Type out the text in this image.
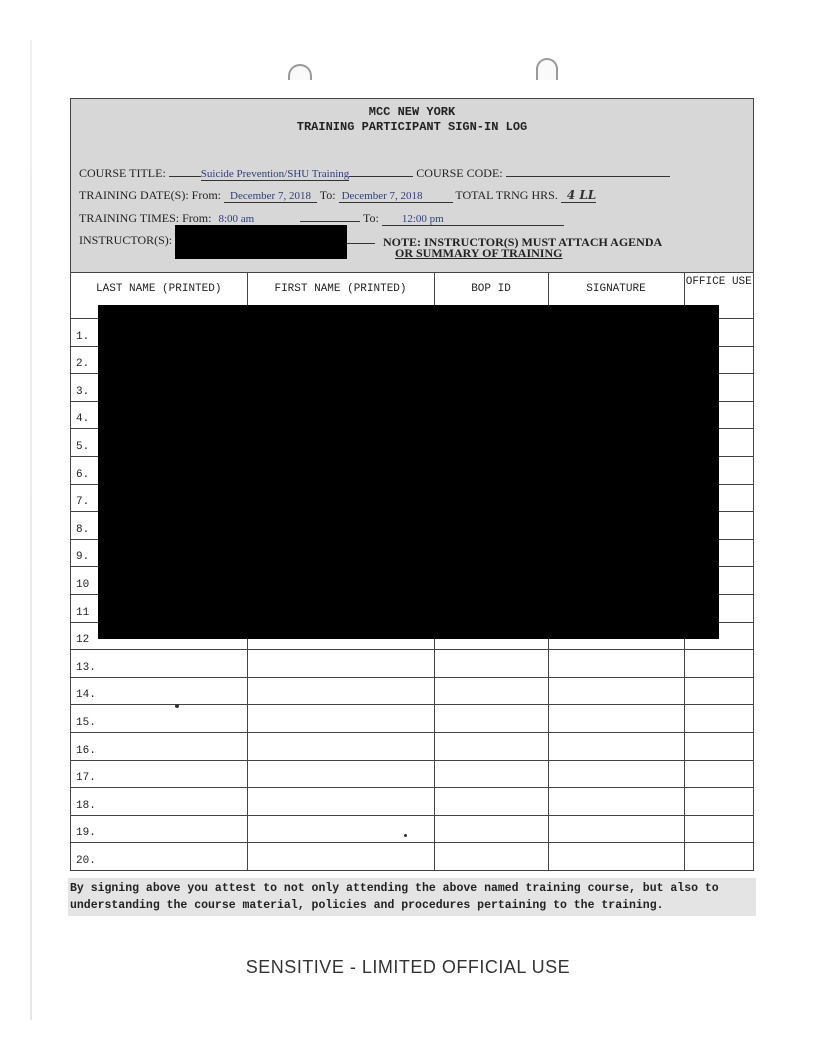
MCC NEW YORK
TRAINING PARTICIPANT SIGN-IN LOG
COURSE TITLE:	Suicide Prevention/SHU Training	COURSE CODE:
TRAINING DATE(S): From: December 7, 2018 To: December 7, 2018	TOTAL TRNG HRS. 4 LL
TRAINING TIMES: From: 8:00 am	To: 12:00 pm
INSTRUCTOR(S):	NOTE: INSTRUCTOR(S) MUST ATTACH AGENDA
OR SUMMARY OF TRAINING
LAST NAME (PRINTED)	FIRST NAME (PRINTED)	BOP ID	SIGNATURE	OFFICE USE
1.				
2.				
3.				
4.				
5.				
6.				
7.				
8.				
9.				
10				
11				
12				
13.				
14.				
15.				
16.				
17.				
18.				
19.				
20.				
By signing above you attest to not only attending the above named training course, but also to understanding the course material, policies and procedures pertaining to the training.
SENSITIVE - LIMITED OFFICIAL USE
